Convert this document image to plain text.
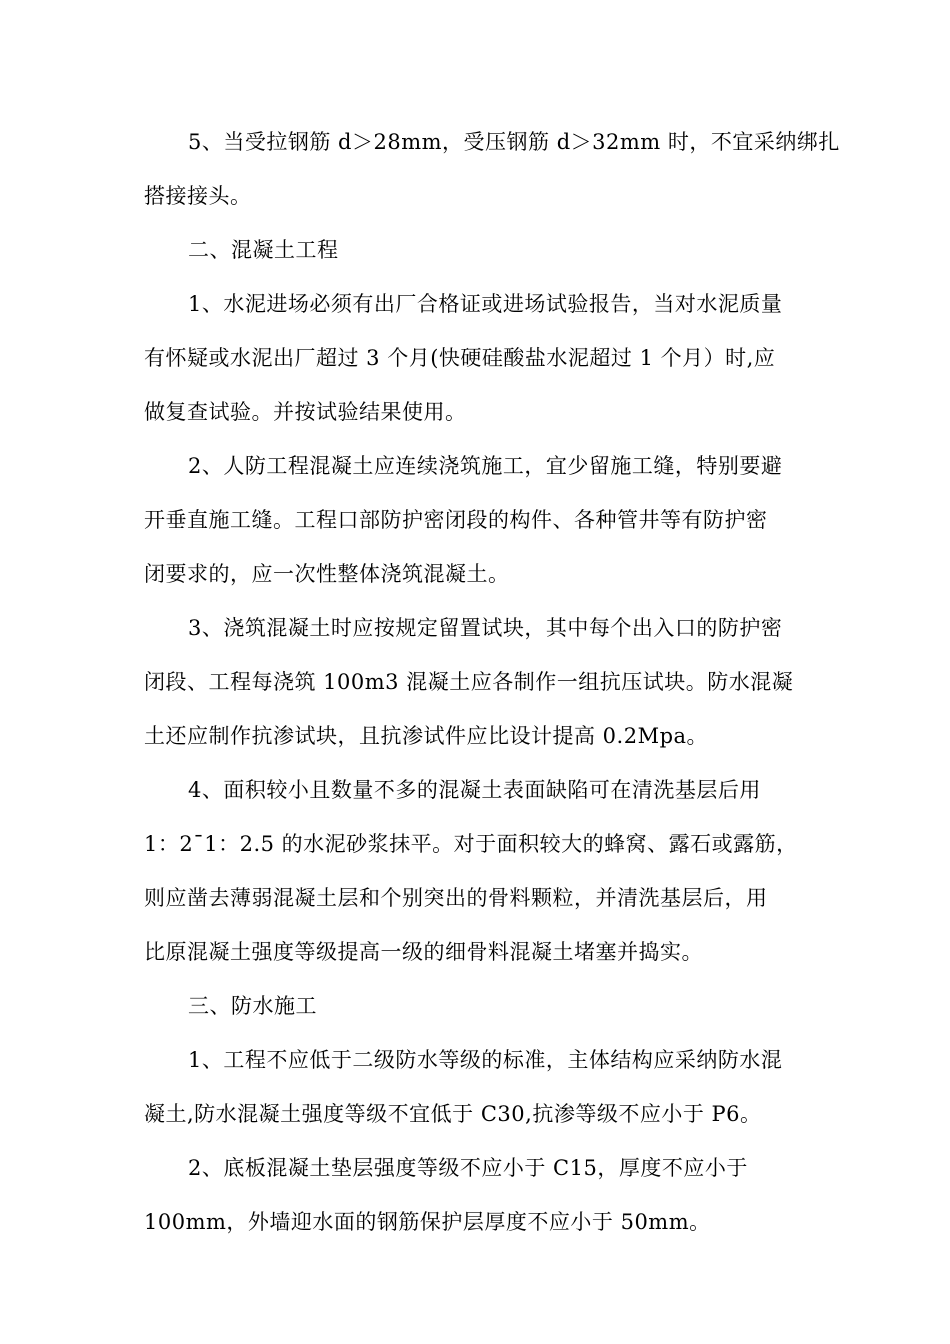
5、当受拉钢筋 d＞28mm，受压钢筋 d＞32mm 时，不宜采纳绑扎
搭接接头。
二、混凝土工程
1、水泥进场必须有出厂合格证或进场试验报告，当对水泥质量
有怀疑或水泥出厂超过 3 个月(快硬硅酸盐水泥超过 1 个月）时,应
做复查试验。并按试验结果使用。
2、人防工程混凝土应连续浇筑施工，宜少留施工缝，特别要避
开垂直施工缝。工程口部防护密闭段的构件、各种管井等有防护密
闭要求的，应一次性整体浇筑混凝土。
3、浇筑混凝土时应按规定留置试块，其中每个出入口的防护密
闭段、工程每浇筑 100m3 混凝土应各制作一组抗压试块。防水混凝
土还应制作抗渗试块，且抗渗试件应比设计提高 0.2Mpa。
4、面积较小且数量不多的混凝土表面缺陷可在清洗基层后用
1：2¯1：2.5 的水泥砂浆抹平。对于面积较大的蜂窝、露石或露筋，
则应凿去薄弱混凝土层和个别突出的骨料颗粒，并清洗基层后，用
比原混凝土强度等级提高一级的细骨料混凝土堵塞并捣实。
三、防水施工
1、工程不应低于二级防水等级的标准，主体结构应采纳防水混
凝土,防水混凝土强度等级不宜低于 C30,抗渗等级不应小于 P6。
2、底板混凝土垫层强度等级不应小于 C15，厚度不应小于
100mm，外墙迎水面的钢筋保护层厚度不应小于 50mm。
